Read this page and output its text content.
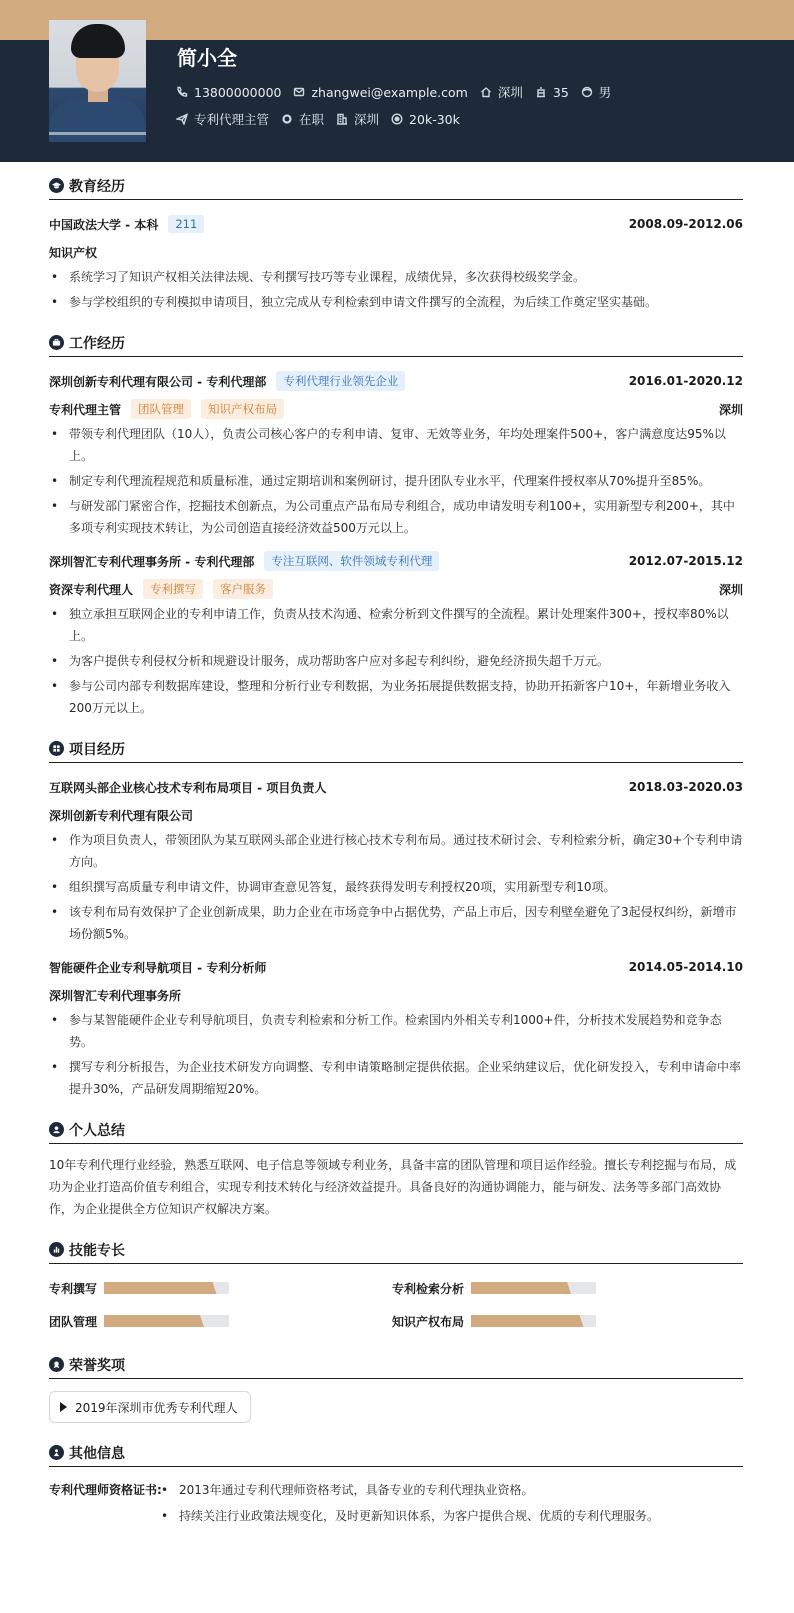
简小全
13800000000 zhangwei@example.com 深圳 35 男
专利代理主管 在职 深圳 20k-30k
教育经历
中国政法大学 - 本科	211	2008.09-2012.06
知识产权
• 系统学习了知识产权相关法律法规、专利撰写技巧等专业课程，成绩优异，多次获得校级奖学金。
• 参与学校组织的专利模拟申请项目，独立完成从专利检索到申请文件撰写的全流程，为后续工作奠定坚实基础。
工作经历
深圳创新专利代理有限公司 - 专利代理部	专利代理行业领先企业	2016.01-2020.12
专利代理主管	团队管理	知识产权布局	深圳
• 带领专利代理团队（10人），负责公司核心客户的专利申请、复审、无效等业务，年均处理案件500+，客户满意度达95%以上。
• 制定专利代理流程规范和质量标准，通过定期培训和案例研讨，提升团队专业水平，代理案件授权率从70%提升至85%。
• 与研发部门紧密合作，挖掘技术创新点，为公司重点产品布局专利组合，成功申请发明专利100+，实用新型专利200+，其中多项专利实现技术转让，为公司创造直接经济效益500万元以上。
深圳智汇专利代理事务所 - 专利代理部	专注互联网、软件领域专利代理	2012.07-2015.12
资深专利代理人	专利撰写	客户服务	深圳
• 独立承担互联网企业的专利申请工作，负责从技术沟通、检索分析到文件撰写的全流程。累计处理案件300+，授权率80%以上。
• 为客户提供专利侵权分析和规避设计服务，成功帮助客户应对多起专利纠纷，避免经济损失超千万元。
• 参与公司内部专利数据库建设，整理和分析行业专利数据，为业务拓展提供数据支持，协助开拓新客户10+，年新增业务收入200万元以上。
项目经历
互联网头部企业核心技术专利布局项目 - 项目负责人	2018.03-2020.03
深圳创新专利代理有限公司
• 作为项目负责人，带领团队为某互联网头部企业进行核心技术专利布局。通过技术研讨会、专利检索分析，确定30+个专利申请方向。
• 组织撰写高质量专利申请文件，协调审查意见答复，最终获得发明专利授权20项，实用新型专利10项。
• 该专利布局有效保护了企业创新成果，助力企业在市场竞争中占据优势，产品上市后，因专利壁垒避免了3起侵权纠纷，新增市场份额5%。
智能硬件企业专利导航项目 - 专利分析师	2014.05-2014.10
深圳智汇专利代理事务所
• 参与某智能硬件企业专利导航项目，负责专利检索和分析工作。检索国内外相关专利1000+件，分析技术发展趋势和竞争态势。
• 撰写专利分析报告，为企业技术研发方向调整、专利申请策略制定提供依据。企业采纳建议后，优化研发投入，专利申请命中率提升30%，产品研发周期缩短20%。
个人总结
10年专利代理行业经验，熟悉互联网、电子信息等领域专利业务，具备丰富的团队管理和项目运作经验。擅长专利挖掘与布局，成功为企业打造高价值专利组合，实现专利技术转化与经济效益提升。具备良好的沟通协调能力，能与研发、法务等多部门高效协作，为企业提供全方位知识产权解决方案。
技能专长
专利撰写	专利检索分析
团队管理	知识产权布局
荣誉奖项
2019年深圳市优秀专利代理人
其他信息
专利代理师资格证书:	• 2013年通过专利代理师资格考试，具备专业的专利代理执业资格。
• 持续关注行业政策法规变化，及时更新知识体系，为客户提供合规、优质的专利代理服务。
